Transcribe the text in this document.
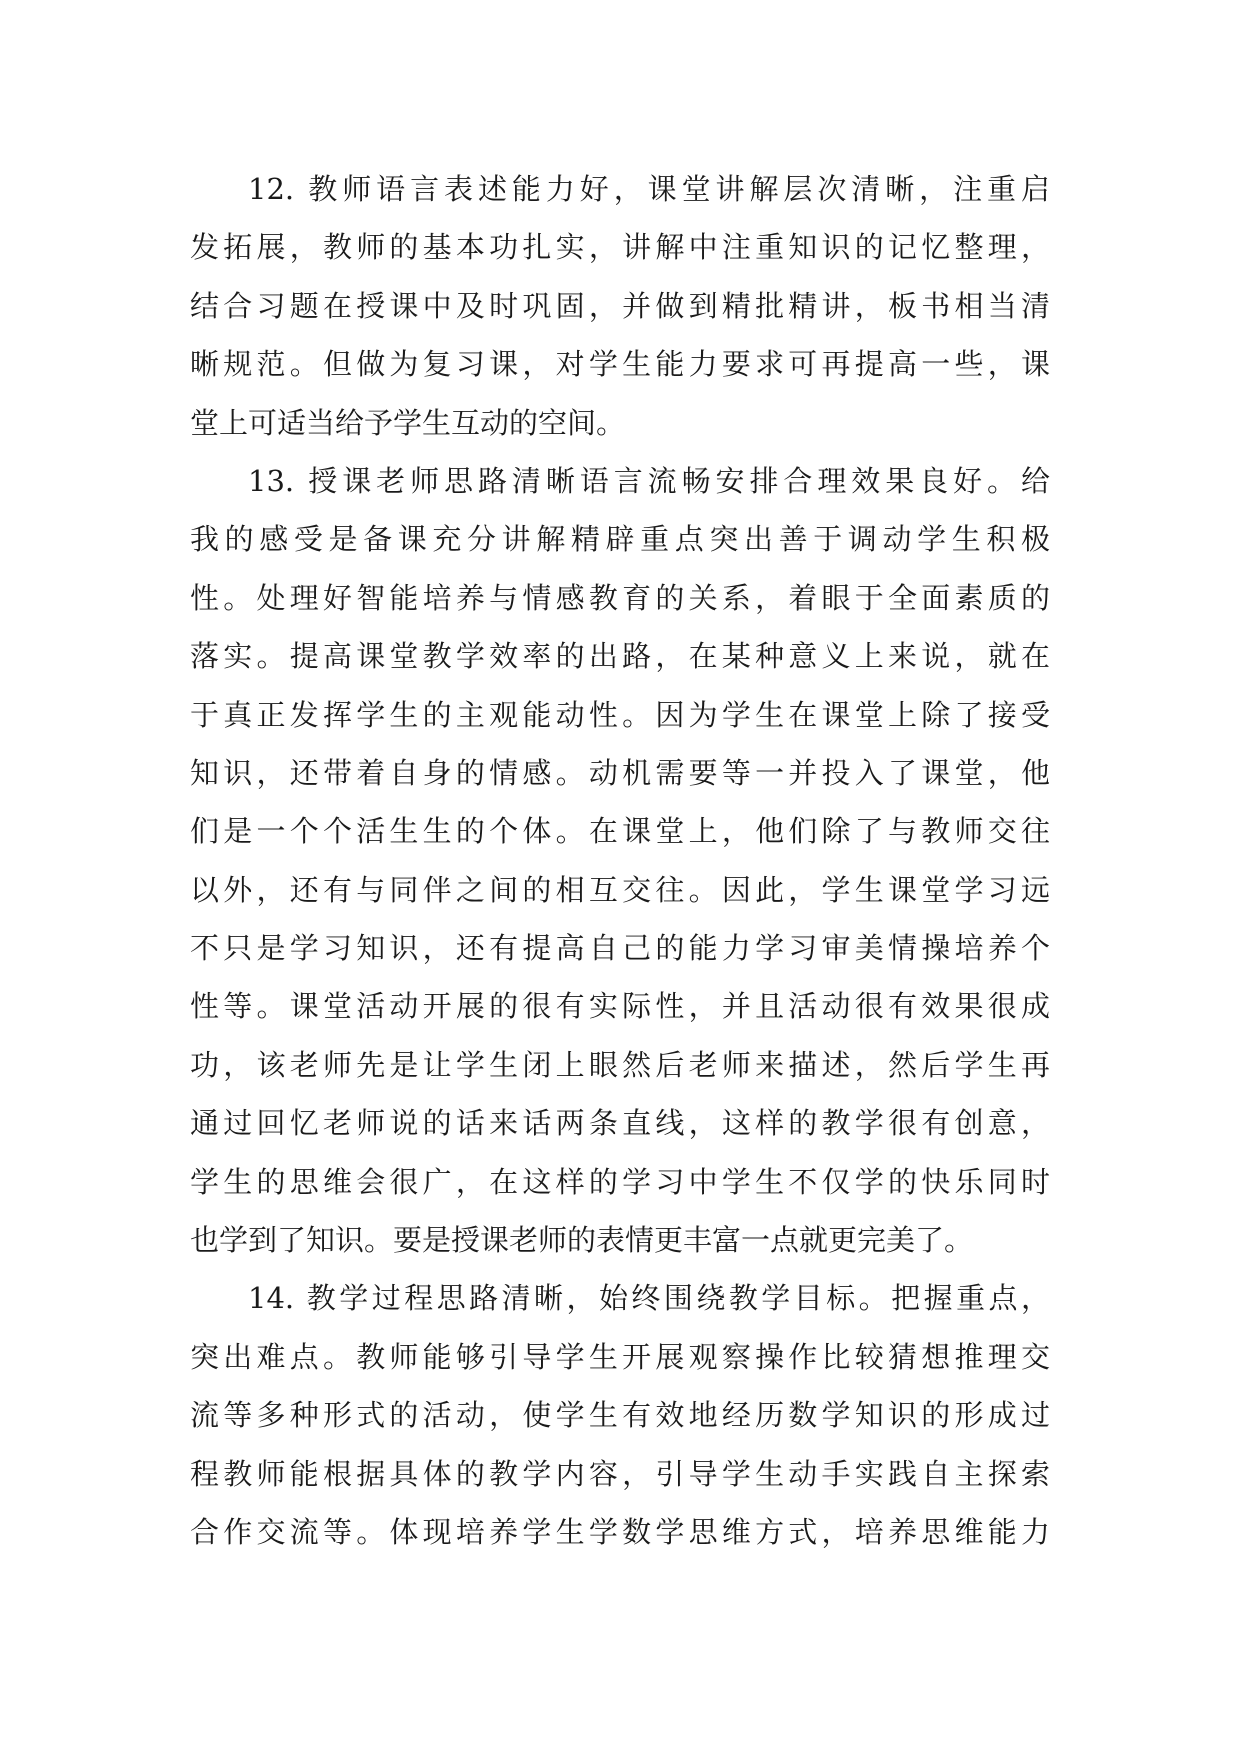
12. 教师语言表述能力好，课堂讲解层次清晰，注重启
发拓展，教师的基本功扎实，讲解中注重知识的记忆整理，
结合习题在授课中及时巩固，并做到精批精讲，板书相当清
晰规范。但做为复习课，对学生能力要求可再提高一些，课
堂上可适当给予学生互动的空间。
13. 授课老师思路清晰语言流畅安排合理效果良好。给
我的感受是备课充分讲解精辟重点突出善于调动学生积极
性。处理好智能培养与情感教育的关系，着眼于全面素质的
落实。提高课堂教学效率的出路，在某种意义上来说，就在
于真正发挥学生的主观能动性。因为学生在课堂上除了接受
知识，还带着自身的情感。动机需要等一并投入了课堂，他
们是一个个活生生的个体。在课堂上，他们除了与教师交往
以外，还有与同伴之间的相互交往。因此，学生课堂学习远
不只是学习知识，还有提高自己的能力学习审美情操培养个
性等。课堂活动开展的很有实际性，并且活动很有效果很成
功，该老师先是让学生闭上眼然后老师来描述，然后学生再
通过回忆老师说的话来话两条直线，这样的教学很有创意，
学生的思维会很广，在这样的学习中学生不仅学的快乐同时
也学到了知识。要是授课老师的表情更丰富一点就更完美了。
14. 教学过程思路清晰，始终围绕教学目标。把握重点，
突出难点。教师能够引导学生开展观察操作比较猜想推理交
流等多种形式的活动，使学生有效地经历数学知识的形成过
程教师能根据具体的教学内容，引导学生动手实践自主探索
合作交流等。体现培养学生学数学思维方式，培养思维能力
